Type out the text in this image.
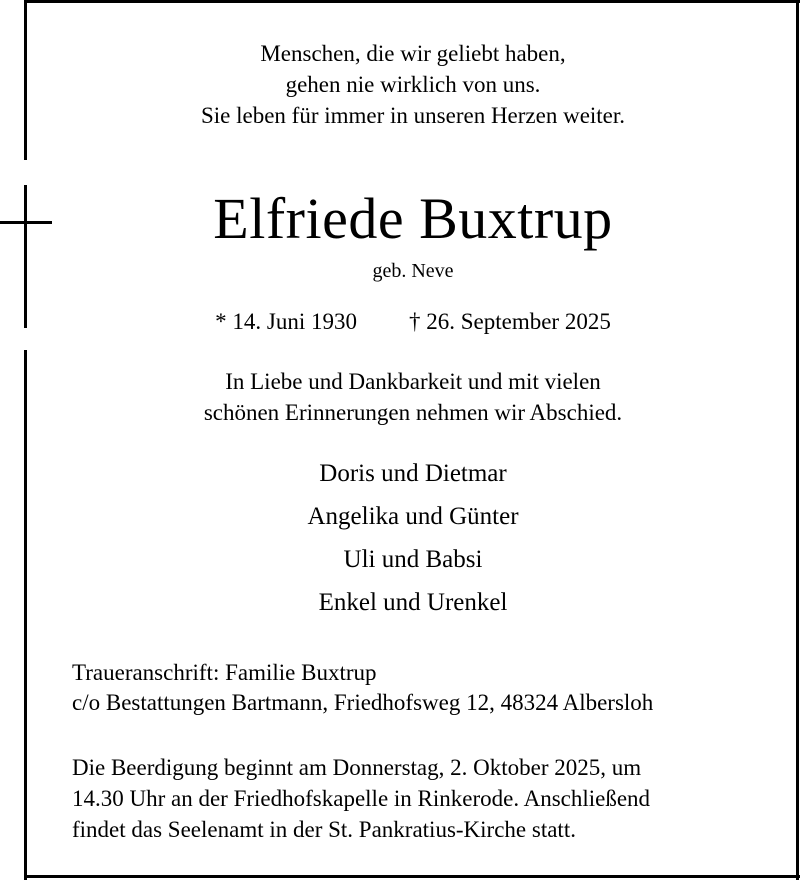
Menschen, die wir geliebt haben,
gehen nie wirklich von uns.
Sie leben für immer in unseren Herzen weiter.
Elfriede Buxtrup
geb. Neve
* 14. Juni 1930 † 26. September 2025
In Liebe und Dankbarkeit und mit vielen
schönen Erinnerungen nehmen wir Abschied.
Doris und Dietmar
Angelika und Günter
Uli und Babsi
Enkel und Urenkel
Traueranschrift: Familie Buxtrup
c/o Bestattungen Bartmann, Friedhofsweg 12, 48324 Albersloh
Die Beerdigung beginnt am Donnerstag, 2. Oktober 2025, um
14.30 Uhr an der Friedhofskapelle in Rinkerode. Anschließend
findet das Seelenamt in der St. Pankratius-Kirche statt.
